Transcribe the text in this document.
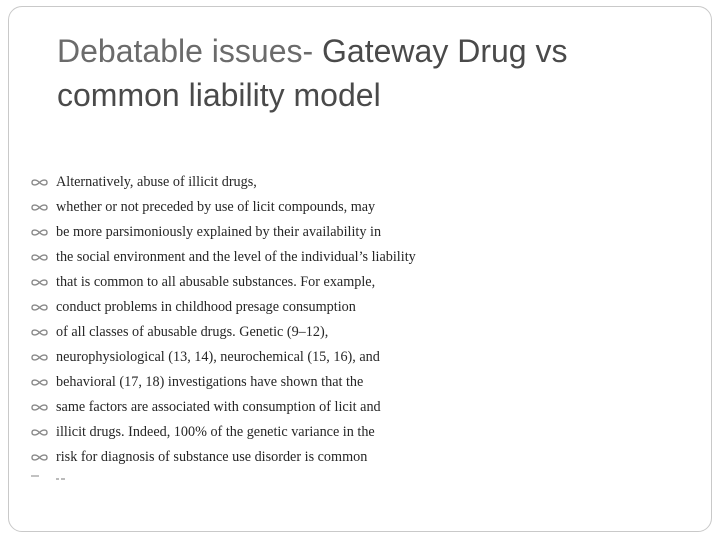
Debatable issues- Gateway Drug vs common liability model
Alternatively, abuse of illicit drugs,
whether or not preceded by use of licit compounds, may
be more parsimoniously explained by their availability in
the social environment and the level of the individual’s liability
that is common to all abusable substances. For example,
conduct problems in childhood presage consumption
of all classes of abusable drugs. Genetic (9–12),
neurophysiological (13, 14), neurochemical (15, 16), and
behavioral (17, 18) investigations have shown that the
same factors are associated with consumption of licit and
illicit drugs. Indeed, 100% of the genetic variance in the
risk for diagnosis of substance use disorder is common
